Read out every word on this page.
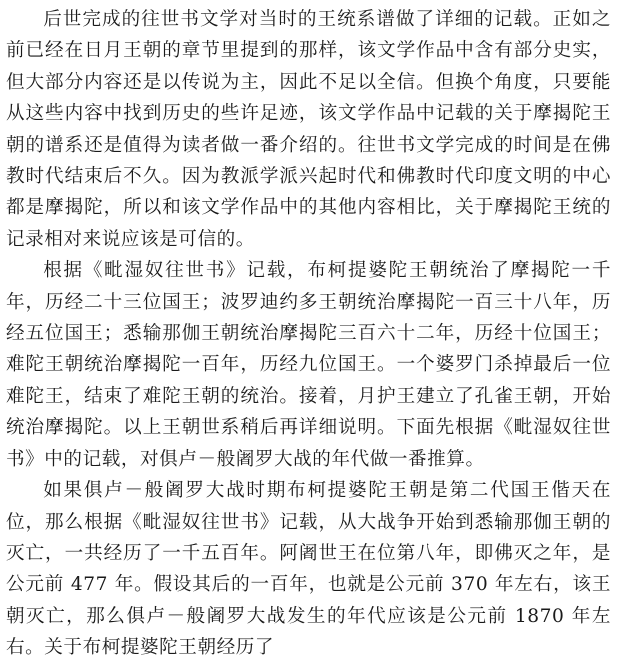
后世完成的往世书文学对当时的王统系谱做了详细的记载。正如之前已经在日月王朝的章节里提到的那样，该文学作品中含有部分史实，但大部分内容还是以传说为主，因此不足以全信。但换个角度，只要能从这些内容中找到历史的些许足迹，该文学作品中记载的关于摩揭陀王朝的谱系还是值得为读者做一番介绍的。往世书文学完成的时间是在佛教时代结束后不久。因为教派学派兴起时代和佛教时代印度文明的中心都是摩揭陀，所以和该文学作品中的其他内容相比，关于摩揭陀王统的记录相对来说应该是可信的。

根据《毗湿奴往世书》记载，布柯提婆陀王朝统治了摩揭陀一千年，历经二十三位国王；波罗迪约多王朝统治摩揭陀一百三十八年，历经五位国王；悉输那伽王朝统治摩揭陀三百六十二年，历经十位国王；难陀王朝统治摩揭陀一百年，历经九位国王。一个婆罗门杀掉最后一位难陀王，结束了难陀王朝的统治。接着，月护王建立了孔雀王朝，开始统治摩揭陀。以上王朝世系稍后再详细说明。下面先根据《毗湿奴往世书》中的记载，对俱卢－般阇罗大战的年代做一番推算。

如果俱卢－般阇罗大战时期布柯提婆陀王朝是第二代国王偕天在位，那么根据《毗湿奴往世书》记载，从大战争开始到悉输那伽王朝的灭亡，一共经历了一千五百年。阿阇世王在位第八年，即佛灭之年，是公元前 477 年。假设其后的一百年，也就是公元前 370 年左右，该王朝灭亡，那么俱卢－般阇罗大战发生的年代应该是公元前 1870 年左右。关于布柯提婆陀王朝经历了
